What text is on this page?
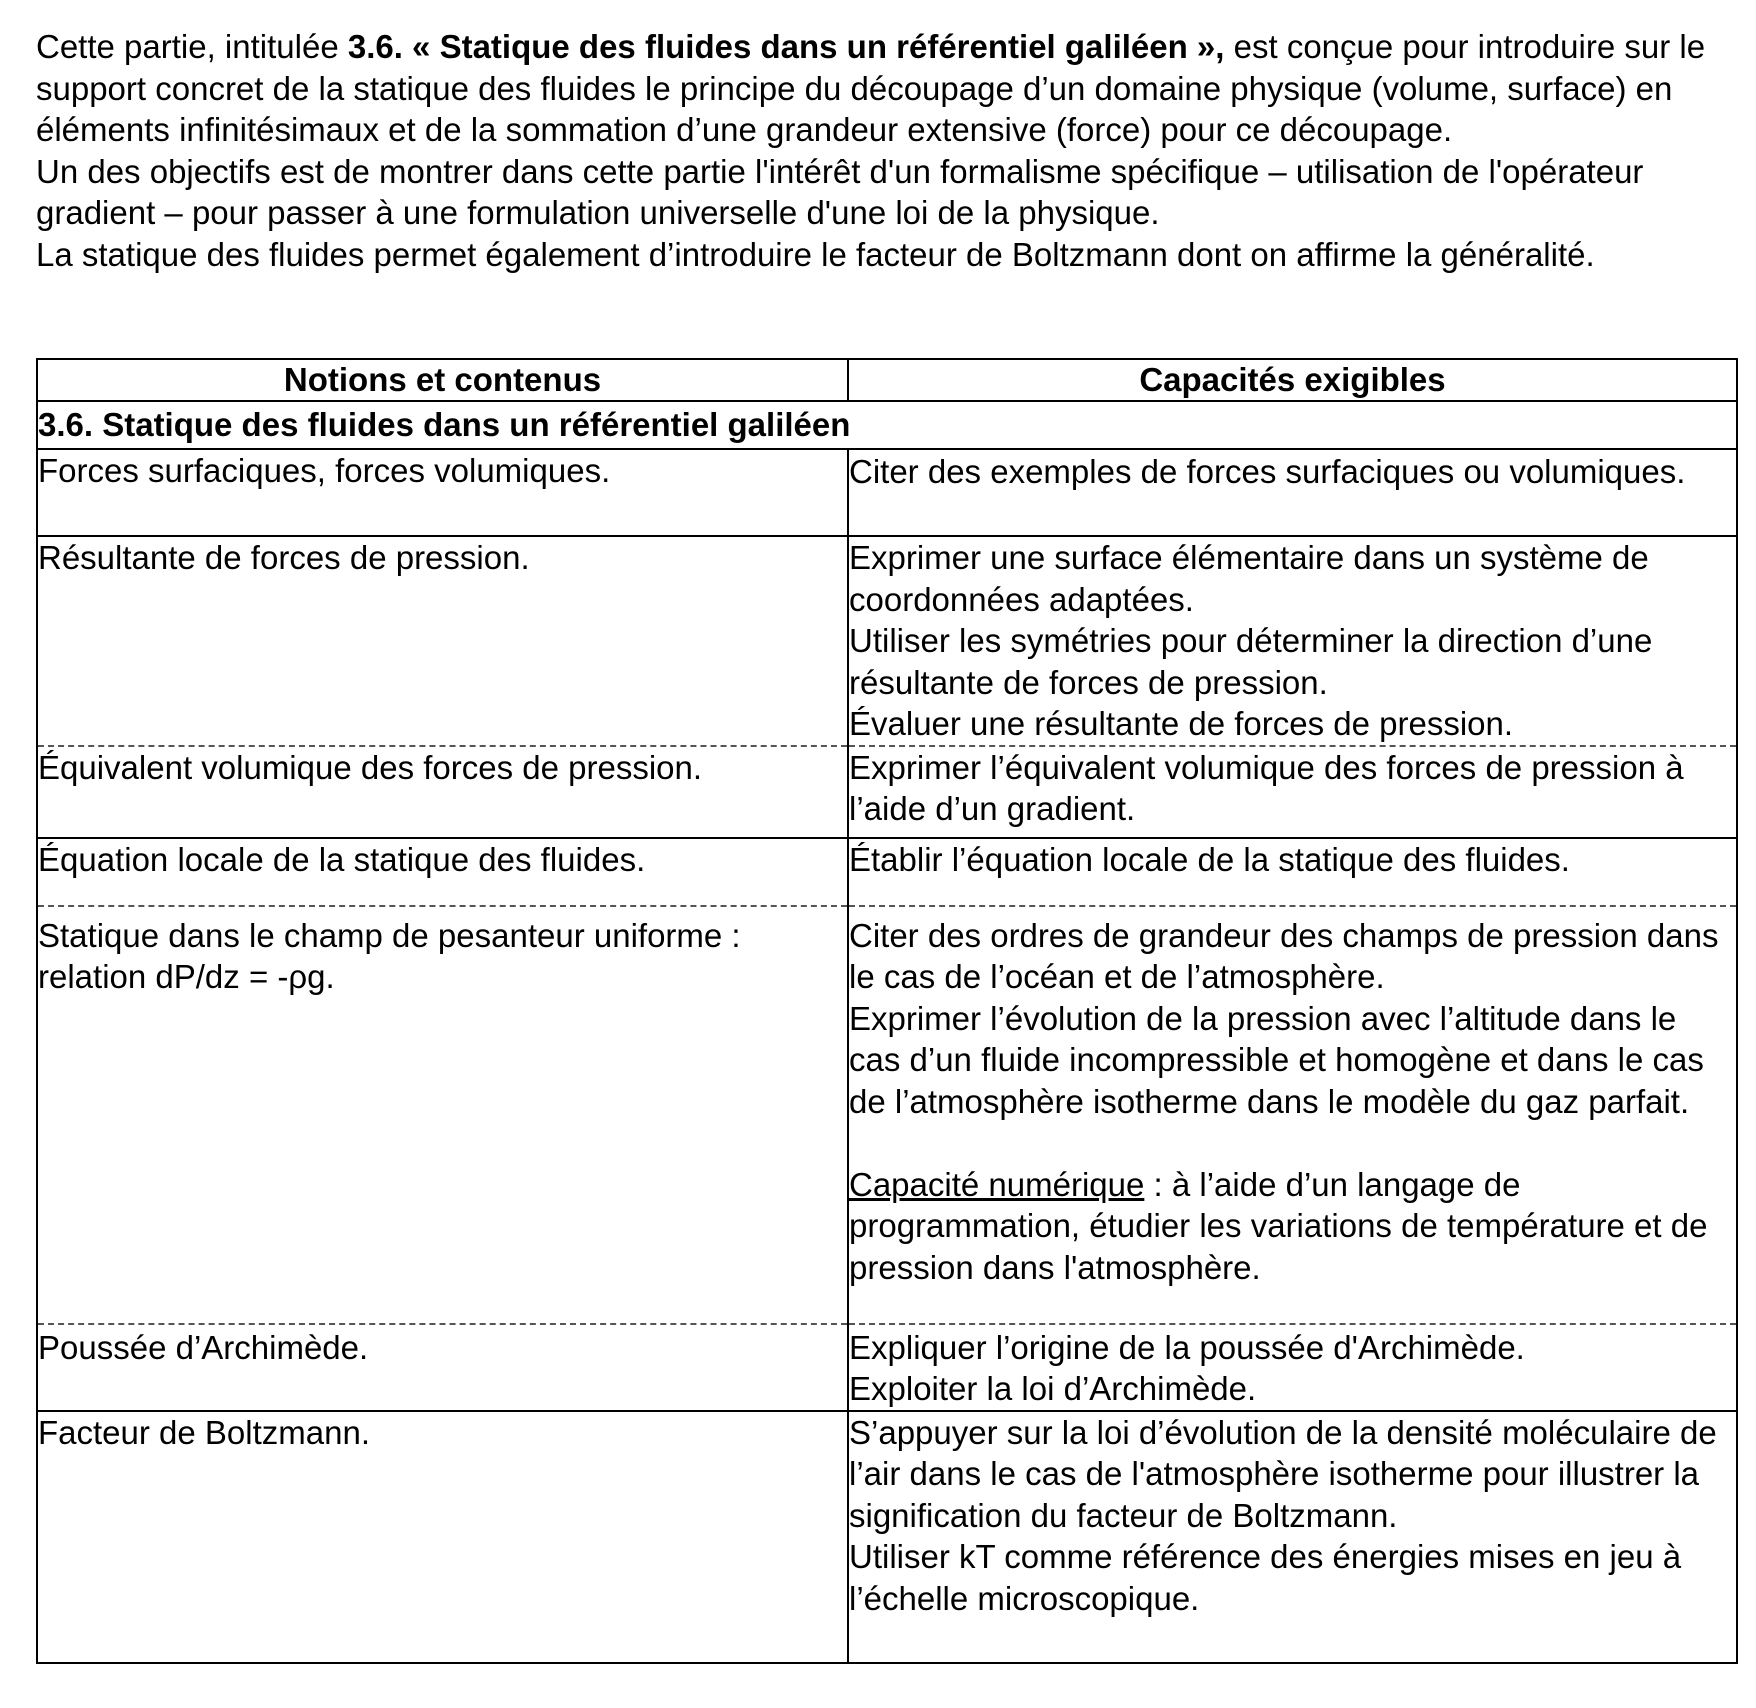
Cette partie, intitulée 3.6. « Statique des fluides dans un référentiel galiléen », est conçue pour introduire sur le support concret de la statique des fluides le principe du découpage d’un domaine physique (volume, surface) en éléments infinitésimaux et de la sommation d’une grandeur extensive (force) pour ce découpage.

Un des objectifs est de montrer dans cette partie l'intérêt d'un formalisme spécifique – utilisation de l'opérateur gradient – pour passer à une formulation universelle d'une loi de la physique.

La statique des fluides permet également d’introduire le facteur de Boltzmann dont on affirme la généralité.

Notions et contenus	Capacités exigibles
3.6. Statique des fluides dans un référentiel galiléen	
Forces surfaciques, forces volumiques.	Citer des exemples de forces surfaciques ou volumiques.

Résultante de forces de pression.	Exprimer une surface élémentaire dans un système de coordonnées adaptées.
Utiliser les symétries pour déterminer la direction d’une résultante de forces de pression.
Évaluer une résultante de forces de pression.

Équivalent volumique des forces de pression.	Exprimer l’équivalent volumique des forces de pression à l’aide d’un gradient.

Équation locale de la statique des fluides.	Établir l’équation locale de la statique des fluides.

Statique dans le champ de pesanteur uniforme : relation dP/dz = -ρg.	Citer des ordres de grandeur des champs de pression dans le cas de l’océan et de l’atmosphère.
Exprimer l’évolution de la pression avec l’altitude dans le cas d’un fluide incompressible et homogène et dans le cas de l’atmosphère isotherme dans le modèle du gaz parfait.
Capacité numérique : à l’aide d’un langage de programmation, étudier les variations de température et de pression dans l'atmosphère.

Poussée d’Archimède.	Expliquer l’origine de la poussée d'Archimède.
Exploiter la loi d’Archimède.

Facteur de Boltzmann.	S’appuyer sur la loi d’évolution de la densité moléculaire de l’air dans le cas de l'atmosphère isotherme pour illustrer la signification du facteur de Boltzmann.
Utiliser kT comme référence des énergies mises en jeu à l’échelle microscopique.
